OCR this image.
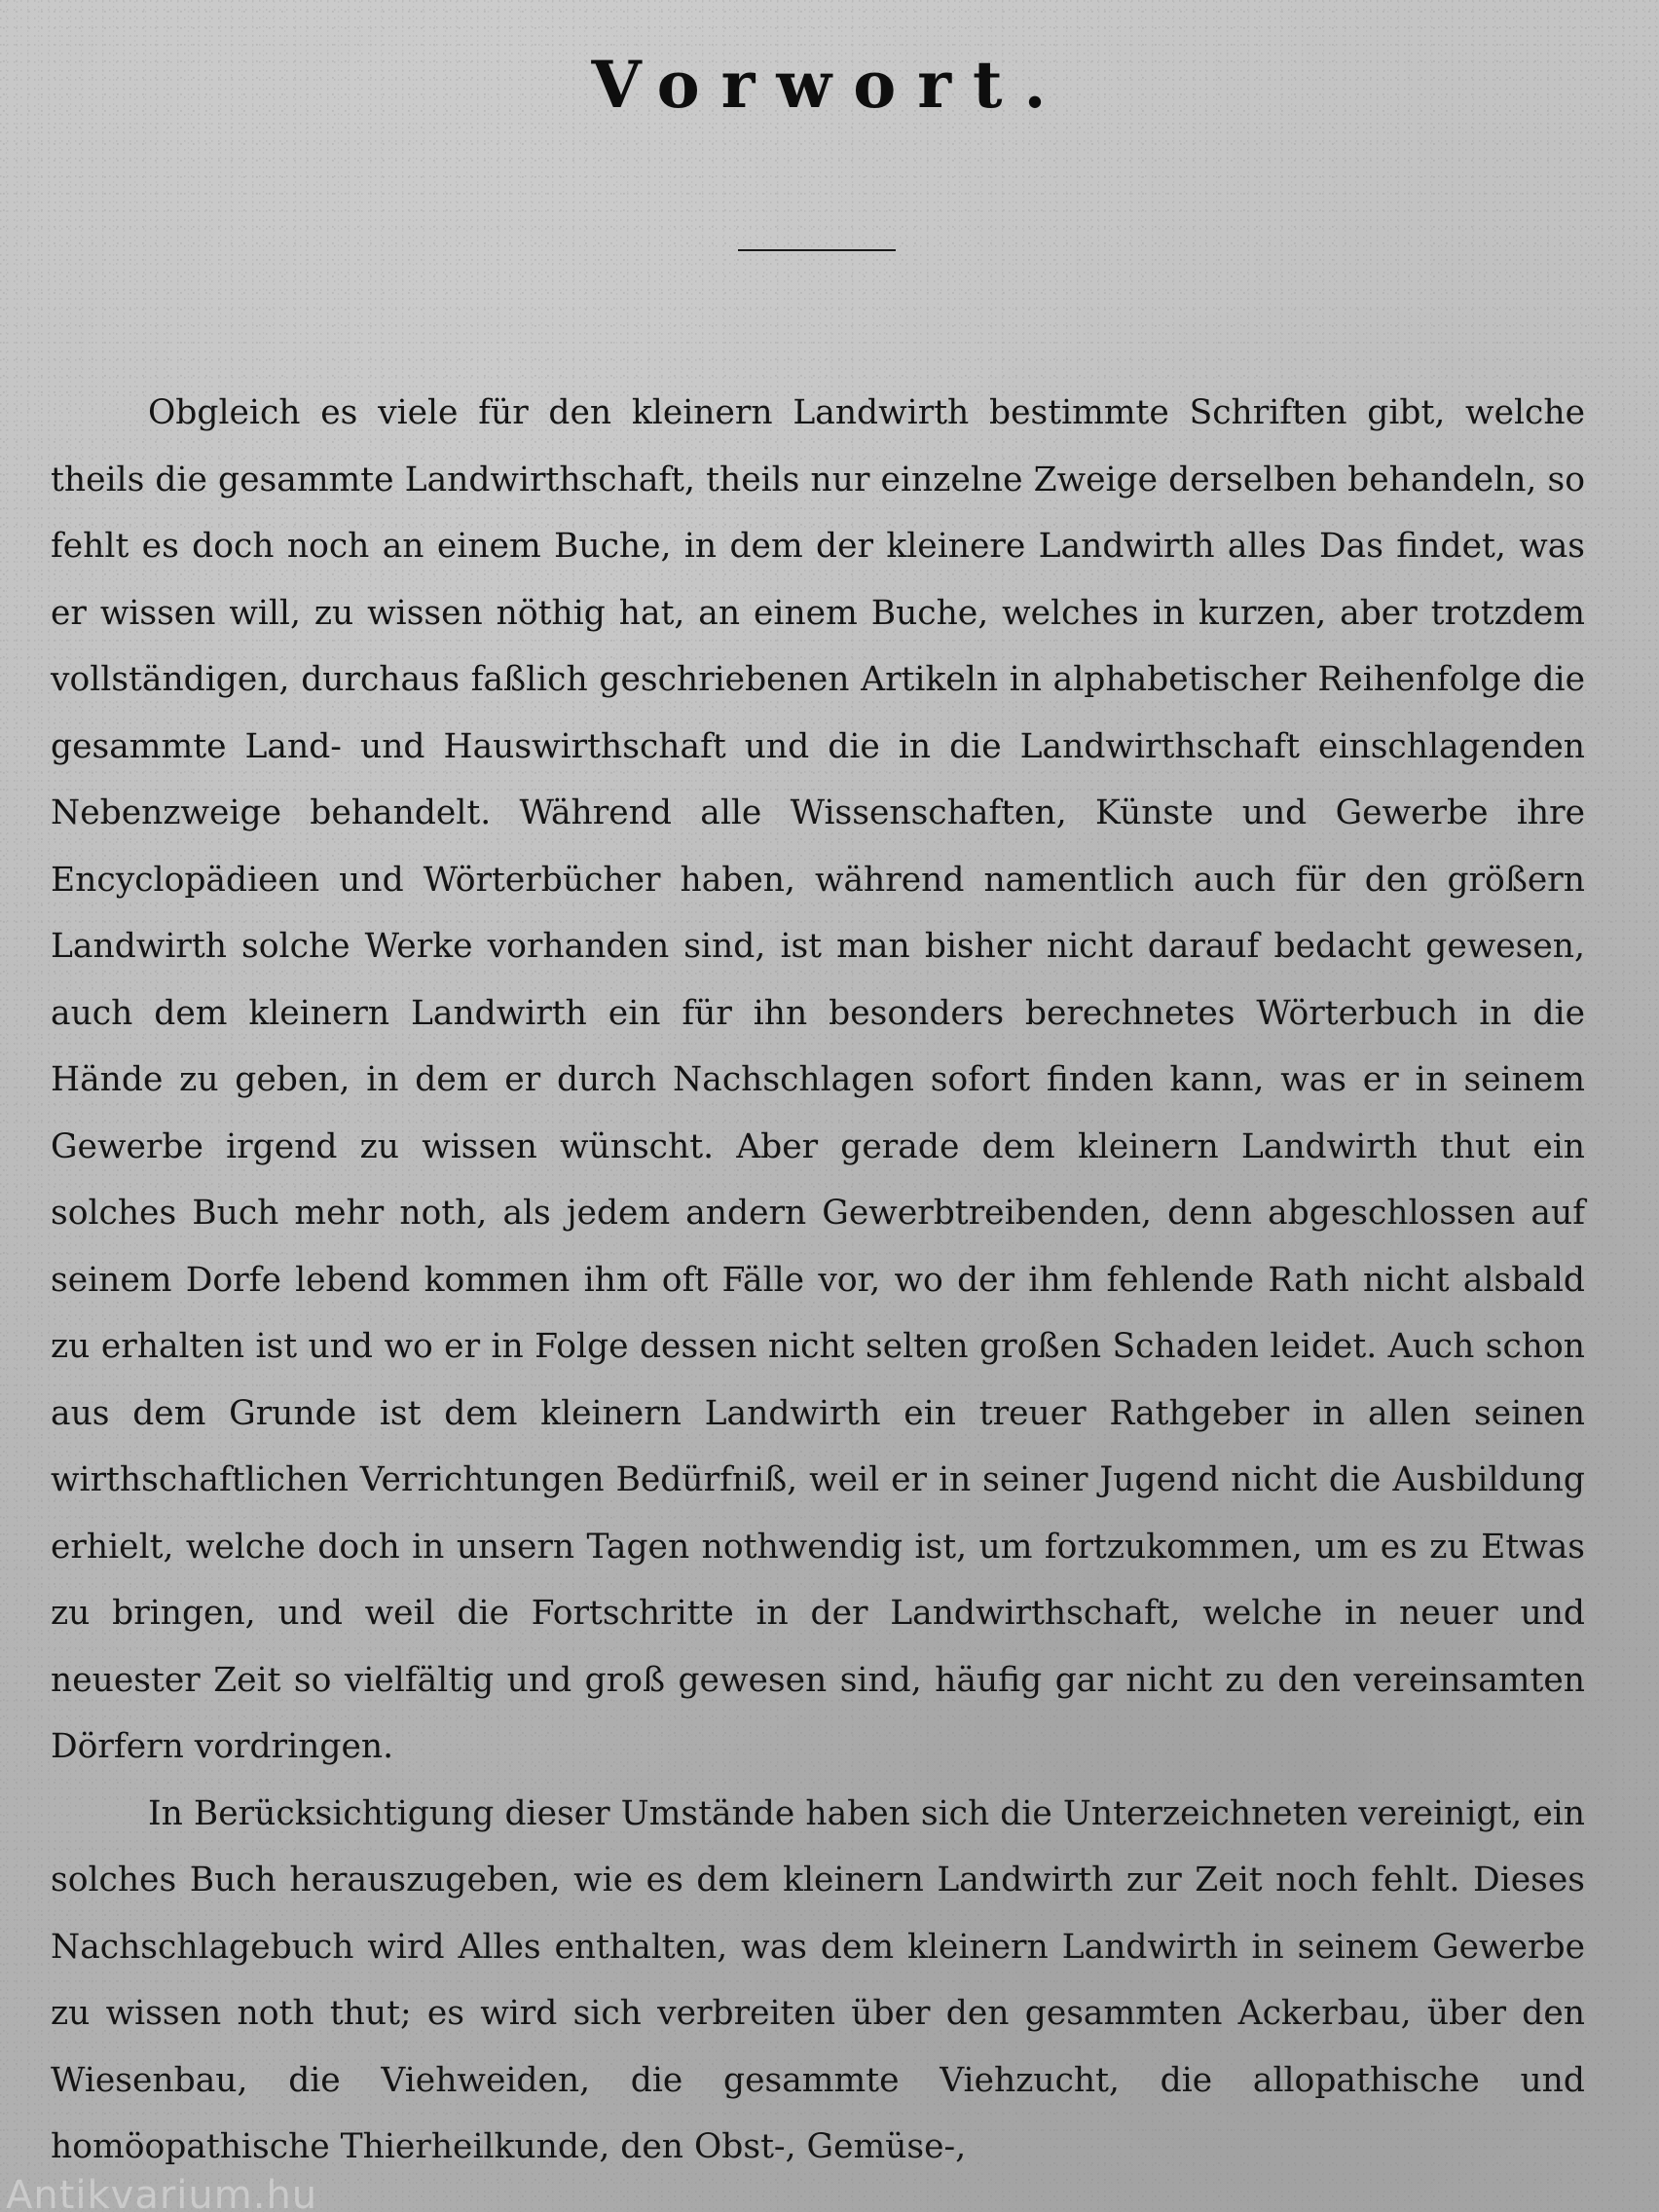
Vorwort.

Obgleich es viele für den kleinern Landwirth bestimmte Schriften gibt, welche theils die gesammte Landwirthschaft, theils nur einzelne Zweige derselben behandeln, so fehlt es doch noch an einem Buche, in dem der kleinere Landwirth alles Das findet, was er wissen will, zu wissen nöthig hat, an einem Buche, welches in kurzen, aber trotzdem vollständigen, durchaus faßlich geschriebenen Artikeln in alphabetischer Reihenfolge die gesammte Land- und Hauswirthschaft und die in die Landwirthschaft einschlagenden Nebenzweige behandelt. Während alle Wissenschaften, Künste und Gewerbe ihre Encyclopädieen und Wörterbücher haben, während namentlich auch für den größern Landwirth solche Werke vorhanden sind, ist man bisher nicht darauf bedacht gewesen, auch dem kleinern Landwirth ein für ihn besonders berechnetes Wörterbuch in die Hände zu geben, in dem er durch Nachschlagen sofort finden kann, was er in seinem Gewerbe irgend zu wissen wünscht. Aber gerade dem kleinern Landwirth thut ein solches Buch mehr noth, als jedem andern Gewerbtreibenden, denn abgeschlossen auf seinem Dorfe lebend kommen ihm oft Fälle vor, wo der ihm fehlende Rath nicht alsbald zu erhalten ist und wo er in Folge dessen nicht selten großen Schaden leidet. Auch schon aus dem Grunde ist dem kleinern Landwirth ein treuer Rathgeber in allen seinen wirthschaftlichen Verrichtungen Bedürfniß, weil er in seiner Jugend nicht die Ausbildung erhielt, welche doch in unsern Tagen nothwendig ist, um fortzukommen, um es zu Etwas zu bringen, und weil die Fortschritte in der Landwirthschaft, welche in neuer und neuester Zeit so vielfältig und groß gewesen sind, häufig gar nicht zu den vereinsamten Dörfern vordringen.

In Berücksichtigung dieser Umstände haben sich die Unterzeichneten vereinigt, ein solches Buch herauszugeben, wie es dem kleinern Landwirth zur Zeit noch fehlt. Dieses Nachschlagebuch wird Alles enthalten, was dem kleinern Landwirth in seinem Gewerbe zu wissen noth thut; es wird sich verbreiten über den gesammten Ackerbau, über den Wiesenbau, die Viehweiden, die gesammte Viehzucht, die allopathische und homöopathische Thierheilkunde, den Obst-, Gemüse-,

Antikvarium.hu
